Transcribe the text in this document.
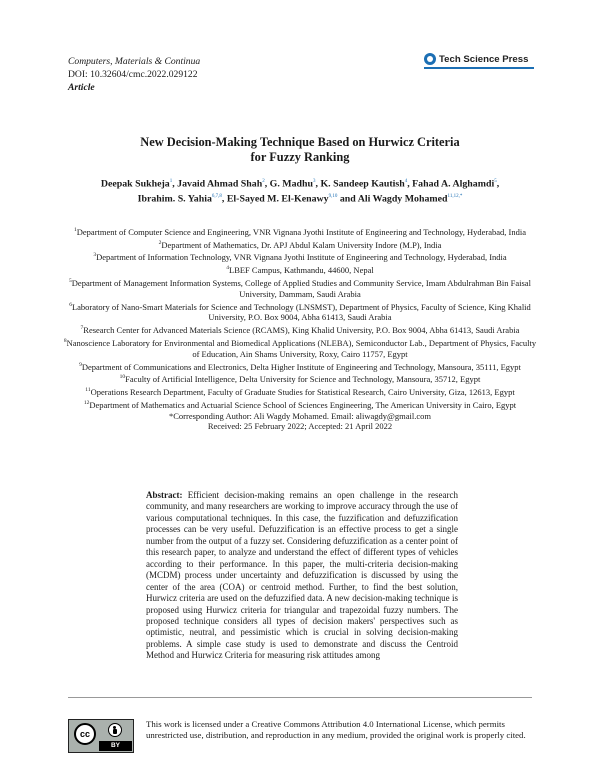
Computers, Materials & Continua
DOI: 10.32604/cmc.2022.029122
Article
Tech Science Press
New Decision-Making Technique Based on Hurwicz Criteria
for Fuzzy Ranking
Deepak Sukheja$^1$, Javaid Ahmad Shah$^2$, G. Madhu$^3$, K. Sandeep Kautish$^4$, Fahad A. Alghamdi$^5$,
Ibrahim. S. Yahia$^{6,7,8}$, El-Sayed M. El-Kenawy$^{9,10}$ and Ali Wagdy Mohamed$^{11,12,*}$
$^1$Department of Computer Science and Engineering, VNR Vignana Jyothi Institute of Engineering and Technology, Hyderabad, India
$^2$Department of Mathematics, Dr. APJ Abdul Kalam University Indore (M.P), India
$^3$Department of Information Technology, VNR Vignana Jyothi Institute of Engineering and Technology, Hyderabad, India
$^4$LBEF Campus, Kathmandu, 44600, Nepal
$^5$Department of Management Information Systems, College of Applied Studies and Community Service, Imam Abdulrahman Bin Faisal University, Dammam, Saudi Arabia
$^6$Laboratory of Nano-Smart Materials for Science and Technology (LNSMST), Department of Physics, Faculty of Science, King Khalid University, P.O. Box 9004, Abha 61413, Saudi Arabia
$^7$Research Center for Advanced Materials Science (RCAMS), King Khalid University, P.O. Box 9004, Abha 61413, Saudi Arabia
$^8$Nanoscience Laboratory for Environmental and Biomedical Applications (NLEBA), Semiconductor Lab., Department of Physics, Faculty of Education, Ain Shams University, Roxy, Cairo 11757, Egypt
$^9$Department of Communications and Electronics, Delta Higher Institute of Engineering and Technology, Mansoura, 35111, Egypt
$^{10}$Faculty of Artificial Intelligence, Delta University for Science and Technology, Mansoura, 35712, Egypt
$^{11}$Operations Research Department, Faculty of Graduate Studies for Statistical Research, Cairo University, Giza, 12613, Egypt
$^{12}$Department of Mathematics and Actuarial Science School of Sciences Engineering, The American University in Cairo, Egypt
*Corresponding Author: Ali Wagdy Mohamed. Email: aliwagdy@gmail.com
Received: 25 February 2022; Accepted: 21 April 2022
Abstract: Efficient decision-making remains an open challenge in the research community, and many researchers are working to improve accuracy through the use of various computational techniques. In this case, the fuzzification and defuzzification processes can be very useful. Defuzzification is an effective process to get a single number from the output of a fuzzy set. Considering defuzzification as a center point of this research paper, to analyze and understand the effect of different types of vehicles according to their performance. In this paper, the multi-criteria decision-making (MCDM) process under uncertainty and defuzzification is discussed by using the center of the area (COA) or centroid method. Further, to find the best solution, Hurwicz criteria are used on the defuzzified data. A new decision-making technique is proposed using Hurwicz criteria for triangular and trapezoidal fuzzy numbers. The proposed technique considers all types of decision makers' perspectives such as optimistic, neutral, and pessimistic which is crucial in solving decision-making problems. A simple case study is used to demonstrate and discuss the Centroid Method and Hurwicz Criteria for measuring risk attitudes among
cc
BY
This work is licensed under a Creative Commons Attribution 4.0 International License, which permits unrestricted use, distribution, and reproduction in any medium, provided the original work is properly cited.
